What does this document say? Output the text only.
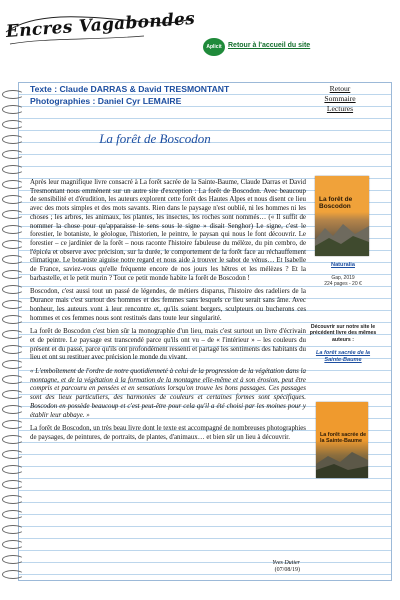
Encres Vagabondes
Aplicit Retour à l'accueil du site
Texte : Claude DARRAS & David TRESMONTANT
Photographies : Daniel Cyr LEMAIRE
Retour
Sommaire
Lectures
La forêt de Boscodon

Après leur magnifique livre consacré à La forêt sacrée de la Sainte-Baume, Claude Darras et David Tresmontant nous emmènent sur un autre site d'exception : La forêt de Boscodon. Avec beaucoup de sensibilité et d'érudition, les auteurs explorent cette forêt des Hautes Alpes et nous disent ce lieu avec des mots simples et des mots savants. Rien dans le paysage n'est oublié, ni les hommes ni les choses ; les arbres, les animaux, les plantes, les insectes, les roches sont nommés… (« Il suffit de nommer la chose pour qu'apparaisse le sens sous le signe » disait Senghor) Le signe, c'est le forestier, le botaniste, le géologue, l'historien, le peintre, le paysan qui nous le font découvrir. Le forestier – ce jardinier de la forêt – nous raconte l'histoire fabuleuse du mélèze, du pin cembro, de l'épicéa et observe avec précision, sur la durée, le comportement de la forêt face au réchauffement climatique. Le botaniste aiguise notre regard et nous aide à trouver le sabot de vénus… Et Isabelle de France, saviez-vous qu'elle fréquente encore de nos jours les hêtres et les mélèzes ? Et la barbastelle, et le petit murin ? Tout ce petit monde habite la forêt de Boscodon !

Boscodon, c'est aussi tout un passé de légendes, de métiers disparus, l'histoire des radeliers de la Durance mais c'est surtout des hommes et des femmes sans lesquels ce lieu serait sans âme. Avec bonheur, les auteurs vont à leur rencontre et, qu'ils soient bergers, sculpteurs ou bucherons ces hommes et ces femmes nous sont restitués dans toute leur singularité.

La forêt de Boscodon c'est bien sûr la monographie d'un lieu, mais c'est surtout un livre d'écrivain et de peintre. Le paysage est transcendé parce qu'ils ont vu – de « l'intérieur » – les couleurs du présent et du passé, parce qu'ils ont profondément ressenti et partagé les sentiments des habitants du lieu et ont su restituer avec précision le monde du vivant.

« L'emboîtement de l'ordre de notre quotidienneté à celui de la progression de la végétation dans la montagne, et de la végétation à la formation de la montagne elle-même et à son érosion, peut être compris et parcouru en pensées et en sensations lorsqu'on trouve les bons passages. Ces passages sont des lieux particuliers, des harmonies de couleurs et certaines formes sont spécifiques. Boscodon en possède beaucoup et c'est peut-être pour cela qu'il a été choisi par les moines pour y établir leur abbaye. »

La forêt de Boscodon, un très beau livre dont le texte est accompagné de nombreuses photographies de paysages, de peintures, de portraits, de plantes, d'animaux… et bien sûr un lieu à découvrir.

Yves Dutier
(07/08/19)
La forêt de Boscodon
Naturalia
Gap, 2019
224 pages - 20 €
Découvrir sur notre site le précédent livre des mêmes auteurs :
La forêt sacrée de la Sainte-Baume
La forêt sacrée de la Sainte-Baume
